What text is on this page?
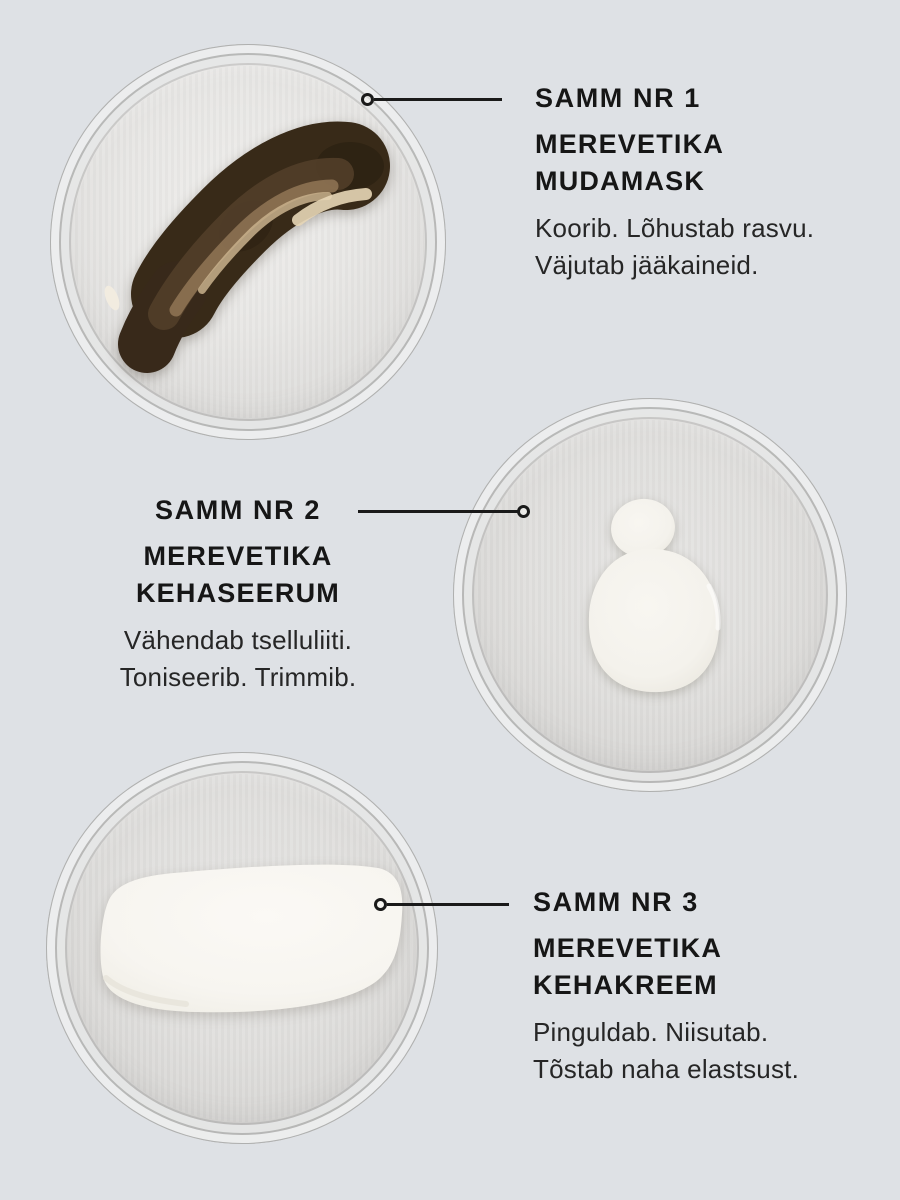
SAMM NR 1
MEREVETIKA
MUDAMASK
Koorib. Lõhustab rasvu.
Väjutab jääkaineid.
SAMM NR 2
MEREVETIKA
KEHASEERUM
Vähendab tselluliiti.
Toniseerib. Trimmib.
SAMM NR 3
MEREVETIKA
KEHAKREEM
Pinguldab. Niisutab.
Tõstab naha elastsust.
